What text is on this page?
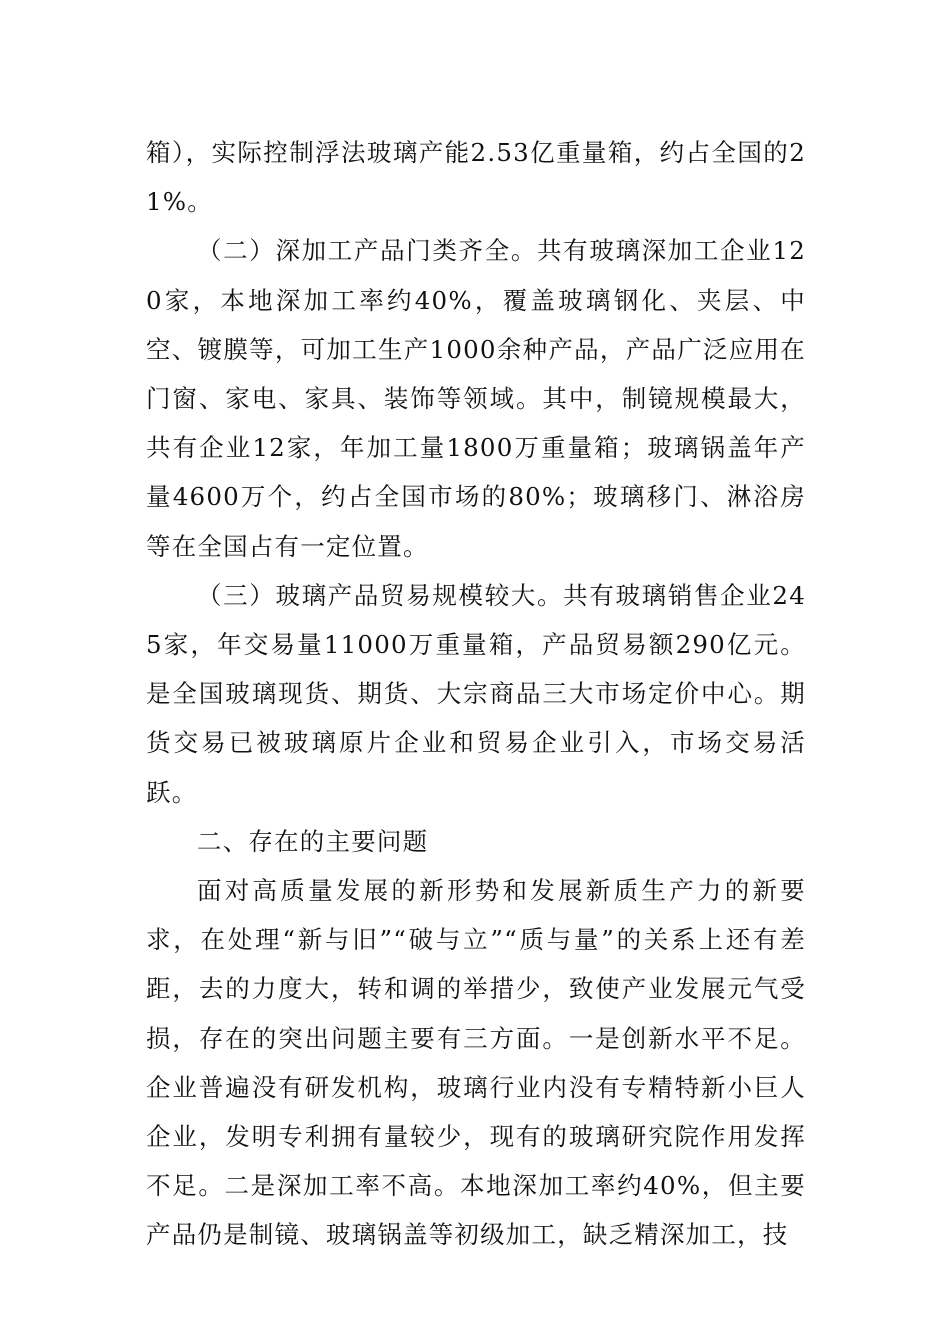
箱），实际控制浮法玻璃产能2.53亿重量箱，约占全国的21%。

（二）深加工产品门类齐全。共有玻璃深加工企业120家，本地深加工率约40%，覆盖玻璃钢化、夹层、中空、镀膜等，可加工生产1000余种产品，产品广泛应用在门窗、家电、家具、装饰等领域。其中，制镜规模最大，共有企业12家，年加工量1800万重量箱；玻璃锅盖年产量4600万个，约占全国市场的80%；玻璃移门、淋浴房等在全国占有一定位置。

（三）玻璃产品贸易规模较大。共有玻璃销售企业245家，年交易量11000万重量箱，产品贸易额290亿元。是全国玻璃现货、期货、大宗商品三大市场定价中心。期货交易已被玻璃原片企业和贸易企业引入，市场交易活跃。

二、存在的主要问题

面对高质量发展的新形势和发展新质生产力的新要求，在处理“新与旧”“破与立”“质与量”的关系上还有差距，去的力度大，转和调的举措少，致使产业发展元气受损，存在的突出问题主要有三方面。一是创新水平不足。企业普遍没有研发机构，玻璃行业内没有专精特新小巨人企业，发明专利拥有量较少，现有的玻璃研究院作用发挥不足。二是深加工率不高。本地深加工率约40%，但主要产品仍是制镜、玻璃锅盖等初级加工，缺乏精深加工，技
